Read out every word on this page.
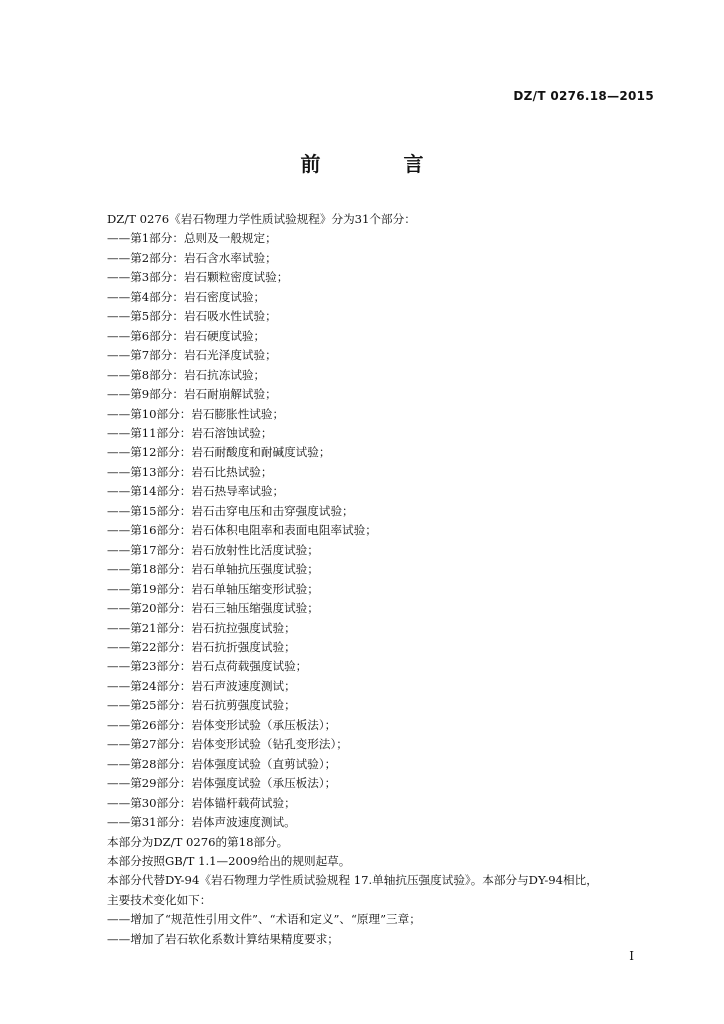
DZ/T 0276.18—2015
前 言
DZ/T 0276《岩石物理力学性质试验规程》分为31个部分：
——第1部分：总则及一般规定；
——第2部分：岩石含水率试验；
——第3部分：岩石颗粒密度试验；
——第4部分：岩石密度试验；
——第5部分：岩石吸水性试验；
——第6部分：岩石硬度试验；
——第7部分：岩石光泽度试验；
——第8部分：岩石抗冻试验；
——第9部分：岩石耐崩解试验；
——第10部分：岩石膨胀性试验；
——第11部分：岩石溶蚀试验；
——第12部分：岩石耐酸度和耐碱度试验；
——第13部分：岩石比热试验；
——第14部分：岩石热导率试验；
——第15部分：岩石击穿电压和击穿强度试验；
——第16部分：岩石体积电阻率和表面电阻率试验；
——第17部分：岩石放射性比活度试验；
——第18部分：岩石单轴抗压强度试验；
——第19部分：岩石单轴压缩变形试验；
——第20部分：岩石三轴压缩强度试验；
——第21部分：岩石抗拉强度试验；
——第22部分：岩石抗折强度试验；
——第23部分：岩石点荷载强度试验；
——第24部分：岩石声波速度测试；
——第25部分：岩石抗剪强度试验；
——第26部分：岩体变形试验（承压板法）；
——第27部分：岩体变形试验（钻孔变形法）；
——第28部分：岩体强度试验（直剪试验）；
——第29部分：岩体强度试验（承压板法）；
——第30部分：岩体锚杆载荷试验；
——第31部分：岩体声波速度测试。
本部分为DZ/T 0276的第18部分。
本部分按照GB/T 1.1—2009给出的规则起草。
本部分代替DY-94《岩石物理力学性质试验规程 17.单轴抗压强度试验》。本部分与DY-94相比，
主要技术变化如下：
——增加了“规范性引用文件”、“术语和定义”、“原理”三章；
——增加了岩石软化系数计算结果精度要求；
I
